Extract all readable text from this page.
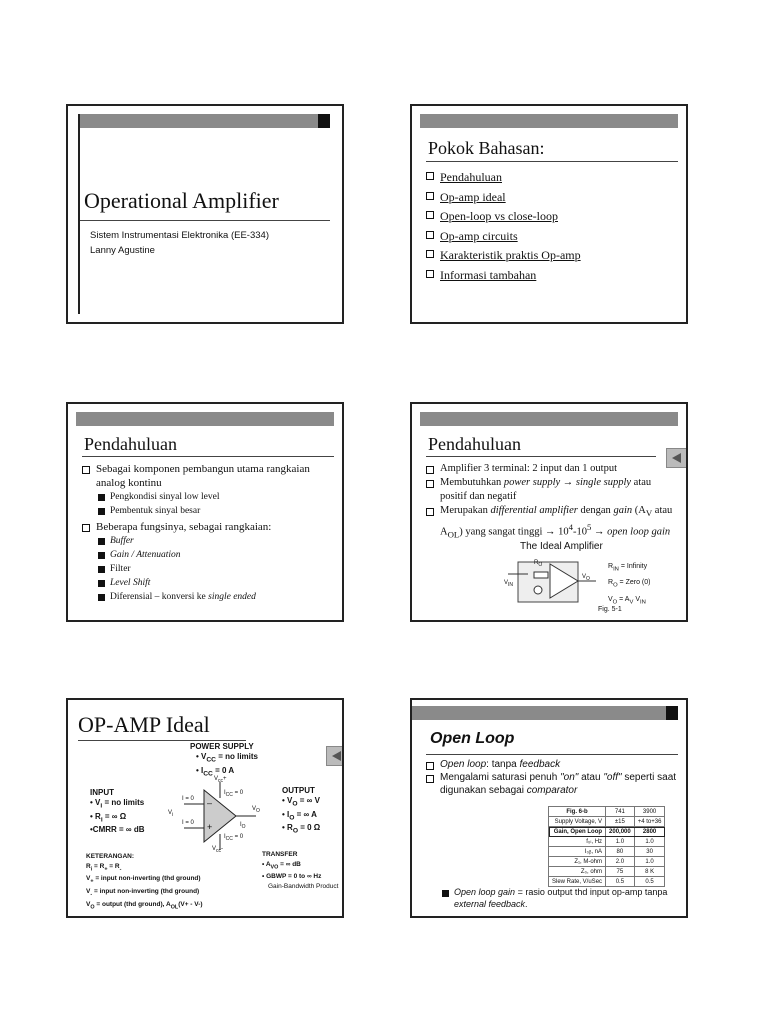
Operational Amplifier
Sistem Instrumentasi Elektronika (EE-334)
Lanny Agustine
Pokok Bahasan:
Pendahuluan
Op-amp ideal
Open-loop vs close-loop
Op-amp circuits
Karakteristik praktis Op-amp
Informasi tambahan
Pendahuluan
Sebagai komponen pembangun utama rangkaian analog kontinu
Pengkondisi sinyal low level
Pembentuk sinyal besar
Beberapa fungsinya, sebagai rangkaian:
Buffer
Gain / Attenuation
Filter
Level Shift
Diferensial – konversi ke single ended
Pendahuluan
Amplifier 3 terminal: 2 input dan 1 output
Membutuhkan power supply → single supply atau positif dan negatif
Merupakan differential amplifier dengan gain ($A_V$ atau $A_{OL}$) yang sangat tinggi → $10^4-10^5$ → open loop gain
The Ideal Amplifier
$V_{IN}$
$R_O$
$V_O$
$R_{IN}$ = Infinity
$R_O$ = Zero (0)
$V_O = A_V$ $V_{IN}$
Fig. 5-1
OP-AMP Ideal
POWER SUPPLY
• $V_{CC}$ = no limits
• $I_{CC} = 0$ A
INPUT
• $V_i$ = no limits
• $R_i$ = ∞ Ω
•CMRR = ∞ dB
$V_{cc}+$
$V_{cc}-$
I = 0
I = 0
$V_i$
$I_{CC} = 0$
$I_{CC} = 0$
$V_O$
$I_O$
–
+
OUTPUT
• $V_O$ = ∞ V
• $I_O$ = ∞ A
• $R_O = 0$ Ω
KETERANGAN:
$R_i = R_+ = R_-$
$V_+$ = input non-inverting (thd ground)
$V_-$ = input non-inverting (thd ground)
$V_O$ = output (thd ground), $A_{OL}(V+ - V-)$
TRANSFER
• $A_{VO}$ = ∞ dB
• GBWP = 0 to ∞ Hz
Gain-Bandwidth Product
Open Loop
Open loop: tanpa feedback
Mengalami saturasi penuh "on" atau "off" seperti saat digunakan sebagai comparator
Fig. 6-b	741	3900
Supply Voltage, V	±15	+4 to+36
Gain, Open Loop	200,000	2800
f₀ₗ, Hz	1.0	1.0
I₀ᵦ, nA	80	30
Z₁, M-ohm	2.0	1.0
Z₀, ohm	75	8 K
Slew Rate, V/uSec	0.5	0.5
Open loop gain = rasio output thd input op-amp tanpa external feedback.
